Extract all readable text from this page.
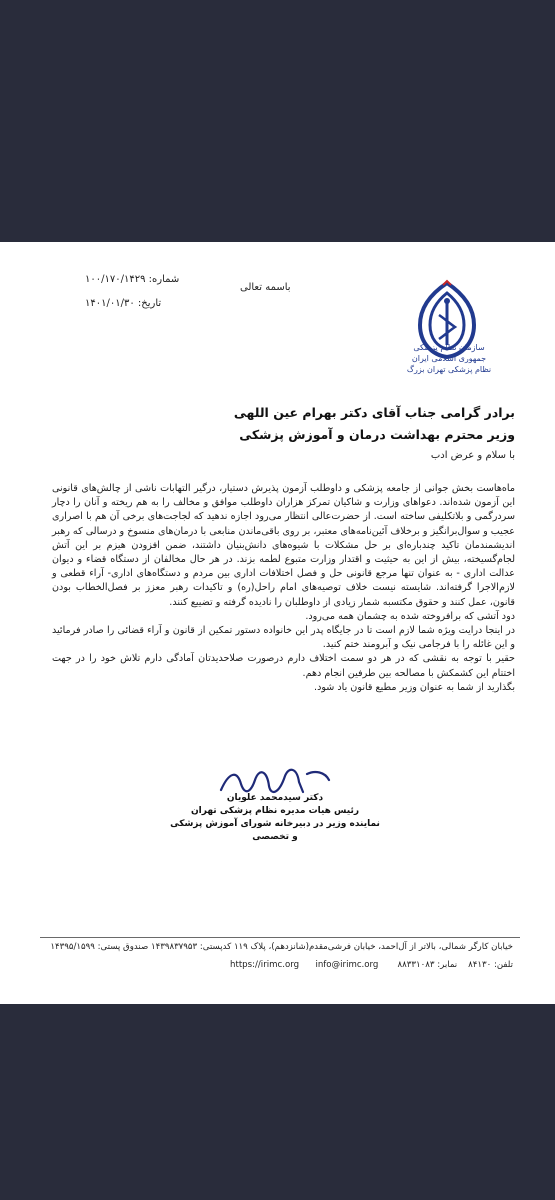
سازمان نظام پزشکی جمهوری اسلامی ایران
نظام پزشکی تهران بزرگ
شماره: ۱۰۰/۱۷۰/۱۴۲۹
تاریخ: ۱۴۰۱/۰۱/۳۰
باسمه تعالی
برادر گرامی جناب آقای دکتر بهرام عین اللهی
وزیر محترم بهداشت درمان و آموزش پزشکی
با سلام و عرض ادب

ماه‌هاست بخش جوانی از جامعه پزشکی و داوطلب آزمون پذیرش دستیار، درگیر التهابات ناشی از چالش‌های قانونی این آزمون شده‌اند. دعواهای وزارت و شاکیان تمرکز هزاران داوطلب موافق و مخالف را به هم ریخته و آنان را دچار سردرگمی و بلاتکلیفی ساخته است. از حضرت‌عالی انتظار می‌رود اجازه ندهید که لجاجت‌های برخی آن هم با اصراری عجیب و سوال‌برانگیز و برخلاف آئین‌نامه‌های معتبر، بر روی باقی‌ماندن منابعی با درمان‌های منسوخ و درسالی که رهبر اندیشمندمان تاکید چندباره‌ای بر حل مشکلات با شیوه‌های دانش‌بنیان داشتند، ضمن افزودن هیزم بر این آتش لجام‌گسیخته، بیش از این به حیثیت و اقتدار وزارت متبوع لطمه بزند. در هر حال مخالفان از دستگاه قضاء و دیوان عدالت اداری - به عنوان تنها مرجع قانونی حل و فصل اختلافات اداری بین مردم و دستگاه‌های اداری- آراء قطعی و لازم‌الاجرا گرفته‌اند. شایسته نیست خلاف توصیه‌های امام راحل(ره) و تاکیدات رهبر معزز بر فصل‌الخطاب بودن قانون، عمل کنند و حقوق مکتسبه شمار زیادی از داوطلبان را نادیده گرفته و تضییع کنند.

دود آتشی که برافروخته شده به چشمان همه می‌رود.

در اینجا درایت ویژه شما لازم است تا در جایگاه پدر این خانواده دستور تمکین از قانون و آراء قضائی را صادر فرمائید و این غائله را با فرجامی نیک و آبرومند ختم کنید.

حقیر با توجه به نقشی که در هر دو سمت اختلاف دارم درصورت صلاحدیدتان آمادگی دارم تلاش خود را در جهت اختتام این کشمکش با مصالحه بین طرفین انجام دهم.

بگذارید از شما به عنوان وزیر مطیع قانون یاد شود.

دکتر سیدمحمد علویان
رئیس هیات مدیره نظام پزشکی تهران
نماینده وزیر در دبیرخانه شورای آموزش پزشکی و تخصصی
خیابان کارگر شمالی، بالاتر از آل‌احمد، خیابان فرشی‌مقدم(شانزدهم)، پلاک ۱۱۹ کدپستی: ۱۴۳۹۸۳۷۹۵۳ صندوق پستی: ۱۴۳۹۵/۱۵۹۹
تلفن: ۸۴۱۳۰    نمابر: ۸۸۳۳۱۰۸۳       https://irimc.org info@irimc.org
